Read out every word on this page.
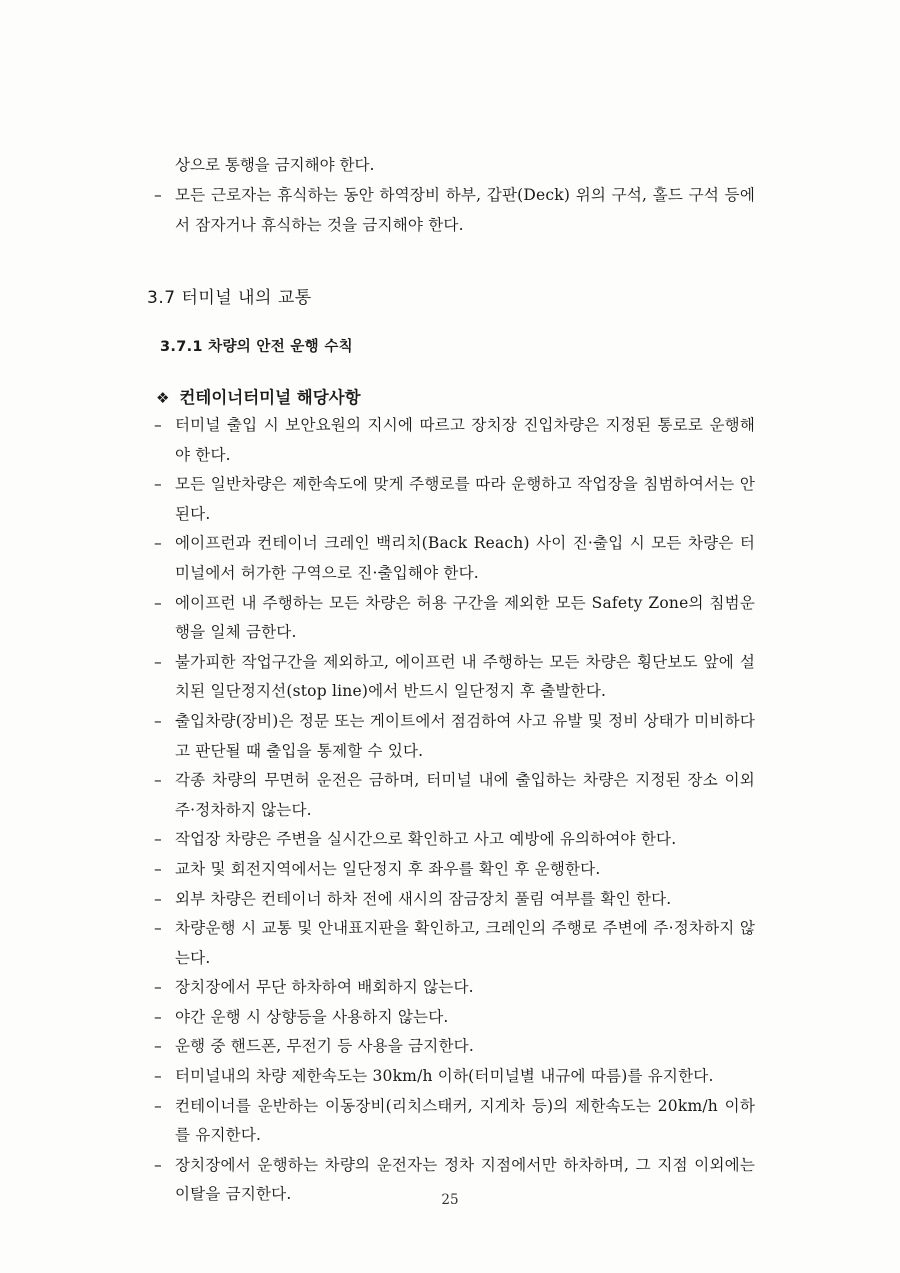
상으로 통행을 금지해야 한다.
– 모든 근로자는 휴식하는 동안 하역장비 하부, 갑판(Deck) 위의 구석, 홀드 구석 등에서 잠자거나 휴식하는 것을 금지해야 한다.
3.7 터미널 내의 교통
3.7.1 차량의 안전 운행 수칙
❖ 컨테이너터미널 해당사항
– 터미널 출입 시 보안요원의 지시에 따르고 장치장 진입차량은 지정된 통로로 운행해야 한다.
– 모든 일반차량은 제한속도에 맞게 주행로를 따라 운행하고 작업장을 침범하여서는 안 된다.
– 에이프런과 컨테이너 크레인 백리치(Back Reach) 사이 진·출입 시 모든 차량은 터미널에서 허가한 구역으로 진·출입해야 한다.
– 에이프런 내 주행하는 모든 차량은 허용 구간을 제외한 모든 Safety Zone의 침범운행을 일체 금한다.
– 불가피한 작업구간을 제외하고, 에이프런 내 주행하는 모든 차량은 횡단보도 앞에 설치된 일단정지선(stop line)에서 반드시 일단정지 후 출발한다.
– 출입차량(장비)은 정문 또는 게이트에서 점검하여 사고 유발 및 정비 상태가 미비하다고 판단될 때 출입을 통제할 수 있다.
– 각종 차량의 무면허 운전은 금하며, 터미널 내에 출입하는 차량은 지정된 장소 이외 주·정차하지 않는다.
– 작업장 차량은 주변을 실시간으로 확인하고 사고 예방에 유의하여야 한다.
– 교차 및 회전지역에서는 일단정지 후 좌우를 확인 후 운행한다.
– 외부 차량은 컨테이너 하차 전에 새시의 잠금장치 풀림 여부를 확인 한다.
– 차량운행 시 교통 및 안내표지판을 확인하고, 크레인의 주행로 주변에 주·정차하지 않는다.
– 장치장에서 무단 하차하여 배회하지 않는다.
– 야간 운행 시 상향등을 사용하지 않는다.
– 운행 중 핸드폰, 무전기 등 사용을 금지한다.
– 터미널내의 차량 제한속도는 30km/h 이하(터미널별 내규에 따름)를 유지한다.
– 컨테이너를 운반하는 이동장비(리치스태커, 지게차 등)의 제한속도는 20km/h 이하를 유지한다.
– 장치장에서 운행하는 차량의 운전자는 정차 지점에서만 하차하며, 그 지점 이외에는 이탈을 금지한다.	25
